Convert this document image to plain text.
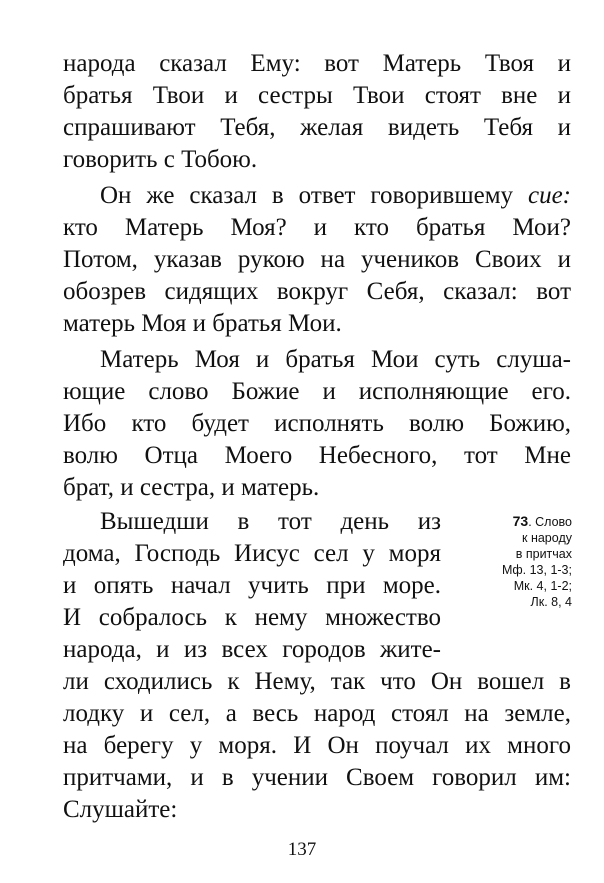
народа сказал Ему: вот Матерь Твоя и
братья Твои и сестры Твои стоят вне и
спрашивают Тебя, желая видеть Тебя и
говорить с Тобою.
Он же сказал в ответ говорившему сие:
кто Матерь Моя? и кто братья Мои?
Потом, указав рукою на учеников Своих и
обозрев сидящих вокруг Себя, сказал: вот
матерь Моя и братья Мои.
Матерь Моя и братья Мои суть слуша-
ющие слово Божие и исполняющие его.
Ибо кто будет исполнять волю Божию,
волю Отца Моего Небесного, тот Мне
брат, и сестра, и матерь.
Вышедши в тот день из
дома, Господь Иисус сел у моря
и опять начал учить при море.
И собралось к нему множество
народа, и из всех городов жите-
ли сходились к Нему, так что Он вошел в
лодку и сел, а весь народ стоял на земле,
на берегу у моря. И Он поучал их много
притчами, и в учении Своем говорил им:
Слушайте:
73. Слово
к народу
в притчах
Мф. 13, 1-3;
Мк. 4, 1-2;
Лк. 8, 4
137
